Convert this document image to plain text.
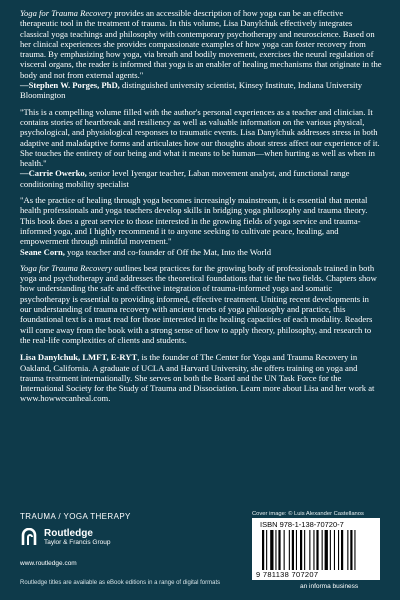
Yoga for Trauma Recovery provides an accessible description of how yoga can be an effective therapeutic tool in the treatment of trauma. In this volume, Lisa Danylchuk effectively integrates classical yoga teachings and philosophy with contemporary psychotherapy and neuroscience. Based on her clinical experiences she provides compassionate examples of how yoga can foster recovery from trauma. By emphasizing how yoga, via breath and bodily movement, exercises the neural regulation of visceral organs, the reader is informed that yoga is an enabler of healing mechanisms that originate in the body and not from external agents."

—Stephen W. Porges, PhD, distinguished university scientist, Kinsey Institute, Indiana University Bloomington

"This is a compelling volume filled with the author's personal experiences as a teacher and clinician. It contains stories of heartbreak and resiliency as well as valuable information on the various physical, psychological, and physiological responses to traumatic events. Lisa Danylchuk addresses stress in both adaptive and maladaptive forms and articulates how our thoughts about stress affect our experience of it. She touches the entirety of our being and what it means to be human—when hurting as well as when in health."

—Carrie Owerko, senior level Iyengar teacher, Laban movement analyst, and functional range conditioning mobility specialist

"As the practice of healing through yoga becomes increasingly mainstream, it is essential that mental health professionals and yoga teachers develop skills in bridging yoga philosophy and trauma theory. This book does a great service to those interested in the growing fields of yoga service and trauma-informed yoga, and I highly recommend it to anyone seeking to cultivate peace, healing, and empowerment through mindful movement."

Seane Corn, yoga teacher and co-founder of Off the Mat, Into the World

Yoga for Trauma Recovery outlines best practices for the growing body of professionals trained in both yoga and psychotherapy and addresses the theoretical foundations that tie the two fields. Chapters show how understanding the safe and effective integration of trauma-informed yoga and somatic psychotherapy is essential to providing informed, effective treatment. Uniting recent developments in our understanding of trauma recovery with ancient tenets of yoga philosophy and practice, this foundational text is a must read for those interested in the healing capacities of each modality. Readers will come away from the book with a strong sense of how to apply theory, philosophy, and research to the real-life complexities of clients and students.

Lisa Danylchuk, LMFT, E-RYT, is the founder of The Center for Yoga and Trauma Recovery in Oakland, California. A graduate of UCLA and Harvard University, she offers training on yoga and trauma treatment internationally. She serves on both the Board and the UN Task Force for the International Society for the Study of Trauma and Dissociation. Learn more about Lisa and her work at www.howwecanheal.com.

TRAUMA / YOGA THERAPY
Routledge
Taylor & Francis Group
www.routledge.com
Routledge titles are available as eBook editions in a range of digital formats
Cover image: © Luis Alexander Castellanos
ISBN 978-1-138-70720-7
9 781138 707207
an informa business
